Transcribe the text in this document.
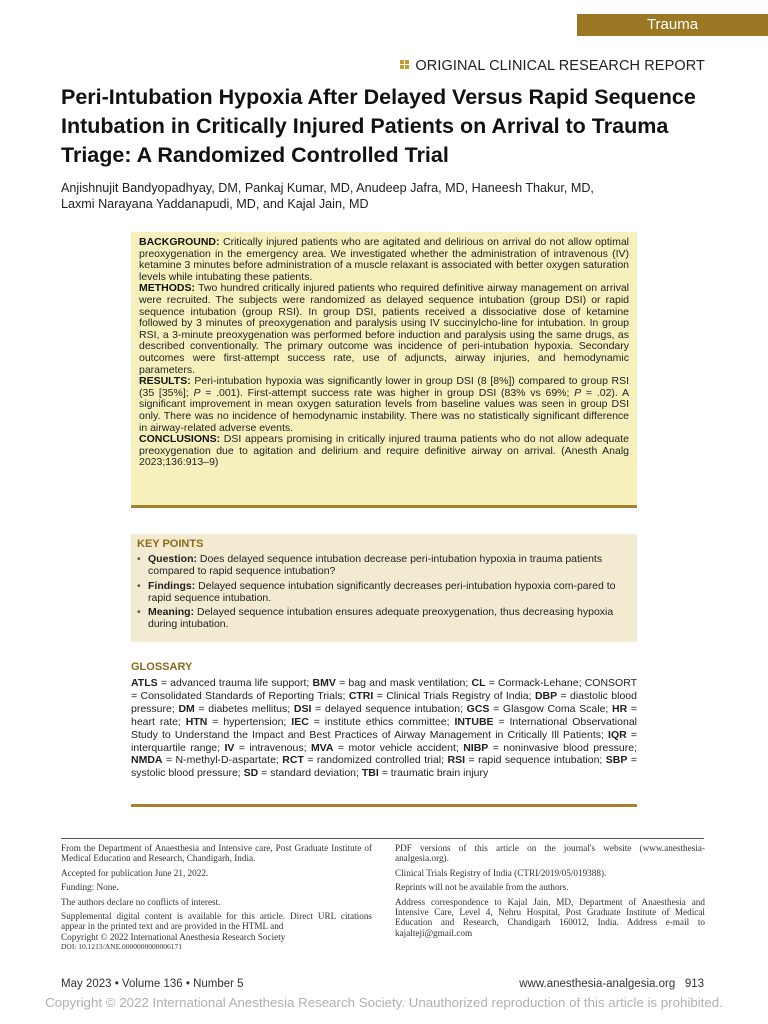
Trauma
ORIGINAL CLINICAL RESEARCH REPORT
Peri-Intubation Hypoxia After Delayed Versus Rapid Sequence Intubation in Critically Injured Patients on Arrival to Trauma Triage: A Randomized Controlled Trial
Anjishnujit Bandyopadhyay, DM, Pankaj Kumar, MD, Anudeep Jafra, MD, Haneesh Thakur, MD,
Laxmi Narayana Yaddanapudi, MD, and Kajal Jain, MD

BACKGROUND: Critically injured patients who are agitated and delirious on arrival do not allow optimal preoxygenation in the emergency area. We investigated whether the administration of intravenous (IV) ketamine 3 minutes before administration of a muscle relaxant is associated with better oxygen saturation levels while intubating these patients.

METHODS: Two hundred critically injured patients who required definitive airway management on arrival were recruited. The subjects were randomized as delayed sequence intubation (group DSI) or rapid sequence intubation (group RSI). In group DSI, patients received a dissociative dose of ketamine followed by 3 minutes of preoxygenation and paralysis using IV succinylcho-line for intubation. In group RSI, a 3-minute preoxygenation was performed before induction and paralysis using the same drugs, as described conventionally. The primary outcome was incidence of peri-intubation hypoxia. Secondary outcomes were first-attempt success rate, use of adjuncts, airway injuries, and hemodynamic parameters.

RESULTS: Peri-intubation hypoxia was significantly lower in group DSI (8 [8%]) compared to group RSI (35 [35%]; P = .001). First-attempt success rate was higher in group DSI (83% vs 69%; P = .02). A significant improvement in mean oxygen saturation levels from baseline values was seen in group DSI only. There was no incidence of hemodynamic instability. There was no statistically significant difference in airway-related adverse events.

CONCLUSIONS: DSI appears promising in critically injured trauma patients who do not allow adequate preoxygenation due to agitation and delirium and require definitive airway on arrival. (Anesth Analg 2023;136:913–9)

KEY POINTS
• Question: Does delayed sequence intubation decrease peri-intubation hypoxia in trauma patients compared to rapid sequence intubation?
• Findings: Delayed sequence intubation significantly decreases peri-intubation hypoxia com-pared to rapid sequence intubation.
• Meaning: Delayed sequence intubation ensures adequate preoxygenation, thus decreasing hypoxia during intubation.
GLOSSARY
ATLS = advanced trauma life support; BMV = bag and mask ventilation; CL = Cormack-Lehane; CONSORT = Consolidated Standards of Reporting Trials; CTRI = Clinical Trials Registry of India; DBP = diastolic blood pressure; DM = diabetes mellitus; DSI = delayed sequence intubation; GCS = Glasgow Coma Scale; HR = heart rate; HTN = hypertension; IEC = institute ethics committee; INTUBE = International Observational Study to Understand the Impact and Best Practices of Airway Management in Critically Ill Patients; IQR = interquartile range; IV = intravenous; MVA = motor vehicle accident; NIBP = noninvasive blood pressure; NMDA = N-methyl-D-aspartate; RCT = randomized controlled trial; RSI = rapid sequence intubation; SBP = systolic blood pressure; SD = standard deviation; TBI = traumatic brain injury

From the Department of Anaesthesia and Intensive care, Post Graduate Institute of Medical Education and Research, Chandigarh, India.

Accepted for publication June 21, 2022.

Funding: None.

The authors declare no conflicts of interest.

Supplemental digital content is available for this article. Direct URL citations appear in the printed text and are provided in the HTML and

Copyright © 2022 International Anesthesia Research Society

DOI: 10.1213/ANE.0000000000006171

PDF versions of this article on the journal's website (www.anesthesia-analgesia.org).

Clinical Trials Registry of India (CTRI/2019/05/019388).

Reprints will not be available from the authors.

Address correspondence to Kajal Jain, MD, Department of Anaesthesia and Intensive Care, Level 4, Nehru Hospital, Post Graduate Institute of Medical Education and Research, Chandigarh 160012, India. Address e-mail to kajalteji@gmail.com

May 2023 • Volume 136 • Number 5	www.anesthesia-analgesia.org 913
Copyright © 2022 International Anesthesia Research Society. Unauthorized reproduction of this article is prohibited.
